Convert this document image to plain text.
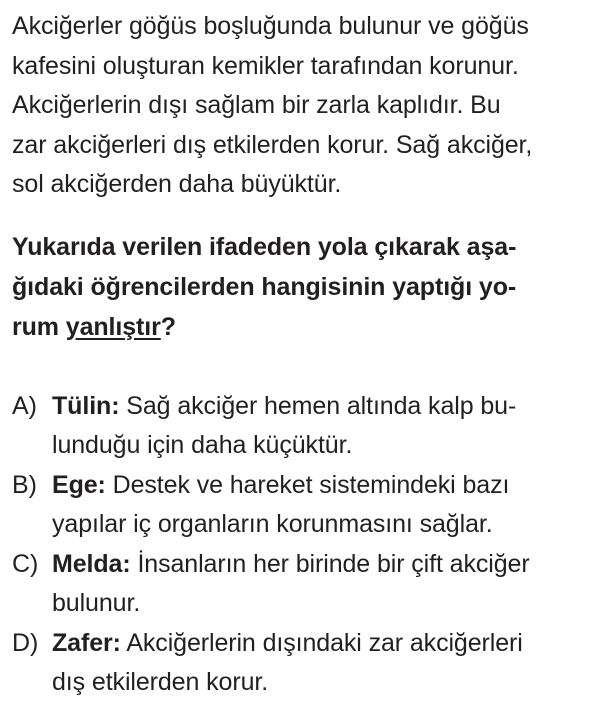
Akciğerler göğüs boşluğunda bulunur ve göğüs
kafesini oluşturan kemikler tarafından korunur.
Akciğerlerin dışı sağlam bir zarla kaplıdır. Bu
zar akciğerleri dış etkilerden korur. Sağ akciğer,
sol akciğerden daha büyüktür.

Yukarıda verilen ifadeden yola çıkarak aşa-
ğıdaki öğrencilerden hangisinin yaptığı yo-
rum yanlıştır?

A) Tülin: Sağ akciğer hemen altında kalp bu-
lunduğu için daha küçüktür.
B) Ege: Destek ve hareket sistemindeki bazı
yapılar iç organların korunmasını sağlar.
C) Melda: İnsanların her birinde bir çift akciğer
bulunur.
D) Zafer: Akciğerlerin dışındaki zar akciğerleri
dış etkilerden korur.
